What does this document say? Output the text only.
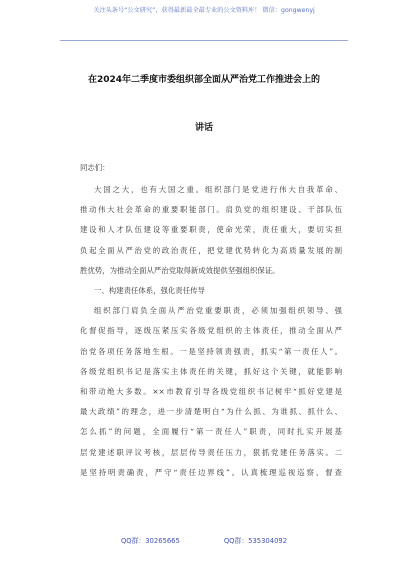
关注头条号“公文研究”，获得最新最全最专业的公文资料库！ 微信：gongwenyj
在2024年二季度市委组织部全面从严治党工作推进会上的
讲话
同志们：
大国之大，也有大国之重。组织部门是党进行伟大自我革命、
推动伟大社会革命的重要职能部门。肩负党的组织建设、干部队伍
建设和人才队伍建设等重要职责，使命光荣，责任重大，要切实担
负起全面从严治党的政治责任，把党建优势转化为高质量发展的制
胜优势，为推动全面从严治党取得新成效提供坚强组织保证。
一、构建责任体系，强化责任传导
组织部门肩负全面从严治党重要职责，必须加强组织领导、强
化督促指导，逐级压紧压实各级党组织的主体责任，推动全面从严
治党各项任务落地生根。一是坚持领责强责，抓实“第一责任人”。
各级党组织书记是落实主体责任的关键，抓好这个关键，就能影响
和带动绝大多数。××市教育引导各级党组织书记树牢“抓好党建是
最大政绩”的理念，进一步清楚明白“为什么抓、为谁抓、抓什么、
怎么抓”的问题，全面履行“第一责任人”职责，同时扎实开展基
层党建述职评议考核，层层传导责任压力，狠抓党建任务落实。二
是坚持明责确责，严守“责任边界线”。认真梳理巡视巡察、督查
QQ群：30265665	QQ群：535304092
